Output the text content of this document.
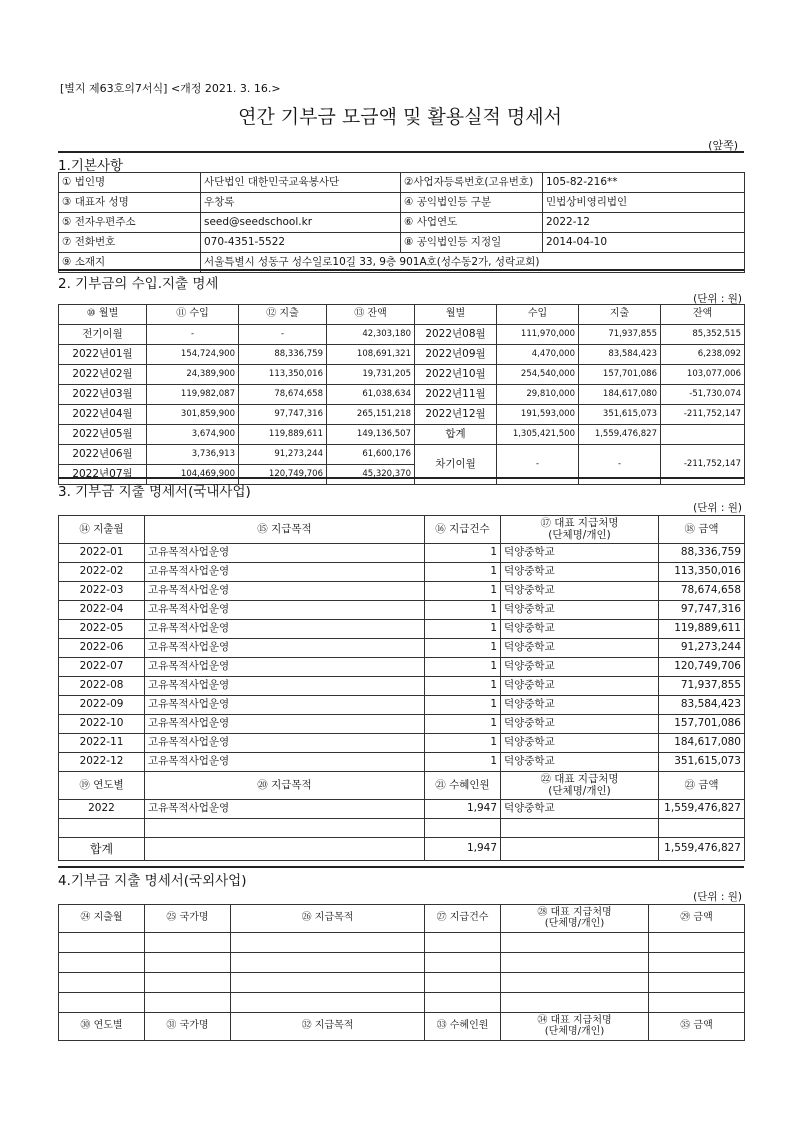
[별지 제63호의7서식] <개정 2021. 3. 16.>
연간 기부금 모금액 및 활용실적 명세서
(앞쪽)
1.기본사항
① 법인명	사단법인 대한민국교육봉사단	②사업자등록번호(고유번호)	105-82-216**
③ 대표자 성명	우창록	④ 공익법인등 구분	민법상비영리법인
⑤ 전자우편주소	seed@seedschool.kr	⑥ 사업연도	2022-12
⑦ 전화번호	070-4351-5522	⑧ 공익법인등 지정일	2014-04-10
⑨ 소재지	서울특별시 성동구 성수일로10길 33, 9층 901A호(성수동2가, 성락교회)		
2. 기부금의 수입.지출 명세
(단위 : 원)
⑩ 월별	⑪ 수입	⑫ 지출	⑬ 잔액	월별	수입	지출	잔액
전기이월	-	-	42,303,180	2022년08월	111,970,000	71,937,855	85,352,515
2022년01월	154,724,900	88,336,759	108,691,321	2022년09월	4,470,000	83,584,423	6,238,092
2022년02월	24,389,900	113,350,016	19,731,205	2022년10월	254,540,000	157,701,086	103,077,006
2022년03월	119,982,087	78,674,658	61,038,634	2022년11월	29,810,000	184,617,080	-51,730,074
2022년04월	301,859,900	97,747,316	265,151,218	2022년12월	191,593,000	351,615,073	-211,752,147
2022년05월	3,674,900	119,889,611	149,136,507	합계	1,305,421,500	1,559,476,827	
2022년06월	3,736,913	91,273,244	61,600,176	차기이월	-	-	-211,752,147
2022년07월	104,469,900	120,749,706	45,320,370				
3. 기부금 지출 명세서(국내사업)
(단위 : 원)
⑭ 지출월	⑮ 지급목적	⑯ 지급건수	⑰ 대표 지급처명
(단체명/개인)	⑱ 금액
2022-01	고유목적사업운영	1	덕양중학교	88,336,759
2022-02	고유목적사업운영	1	덕양중학교	113,350,016
2022-03	고유목적사업운영	1	덕양중학교	78,674,658
2022-04	고유목적사업운영	1	덕양중학교	97,747,316
2022-05	고유목적사업운영	1	덕양중학교	119,889,611
2022-06	고유목적사업운영	1	덕양중학교	91,273,244
2022-07	고유목적사업운영	1	덕양중학교	120,749,706
2022-08	고유목적사업운영	1	덕양중학교	71,937,855
2022-09	고유목적사업운영	1	덕양중학교	83,584,423
2022-10	고유목적사업운영	1	덕양중학교	157,701,086
2022-11	고유목적사업운영	1	덕양중학교	184,617,080
2022-12	고유목적사업운영	1	덕양중학교	351,615,073
⑲ 연도별	⑳ 지급목적	㉑ 수혜인원	㉒ 대표 지급처명
(단체명/개인)	㉓ 금액
2022	고유목적사업운영	1,947	덕양중학교	1,559,476,827

합계		1,947		1,559,476,827
4.기부금 지출 명세서(국외사업)
(단위 : 원)
㉔ 지출월	㉕ 국가명	㉖ 지급목적	㉗ 지급건수	㉘ 대표 지급처명
(단체명/개인)	㉙ 금액

㉚ 연도별	㉛ 국가명	㉜ 지급목적	㉝ 수혜인원	㉞ 대표 지급처명
(단체명/개인)	㉟ 금액
